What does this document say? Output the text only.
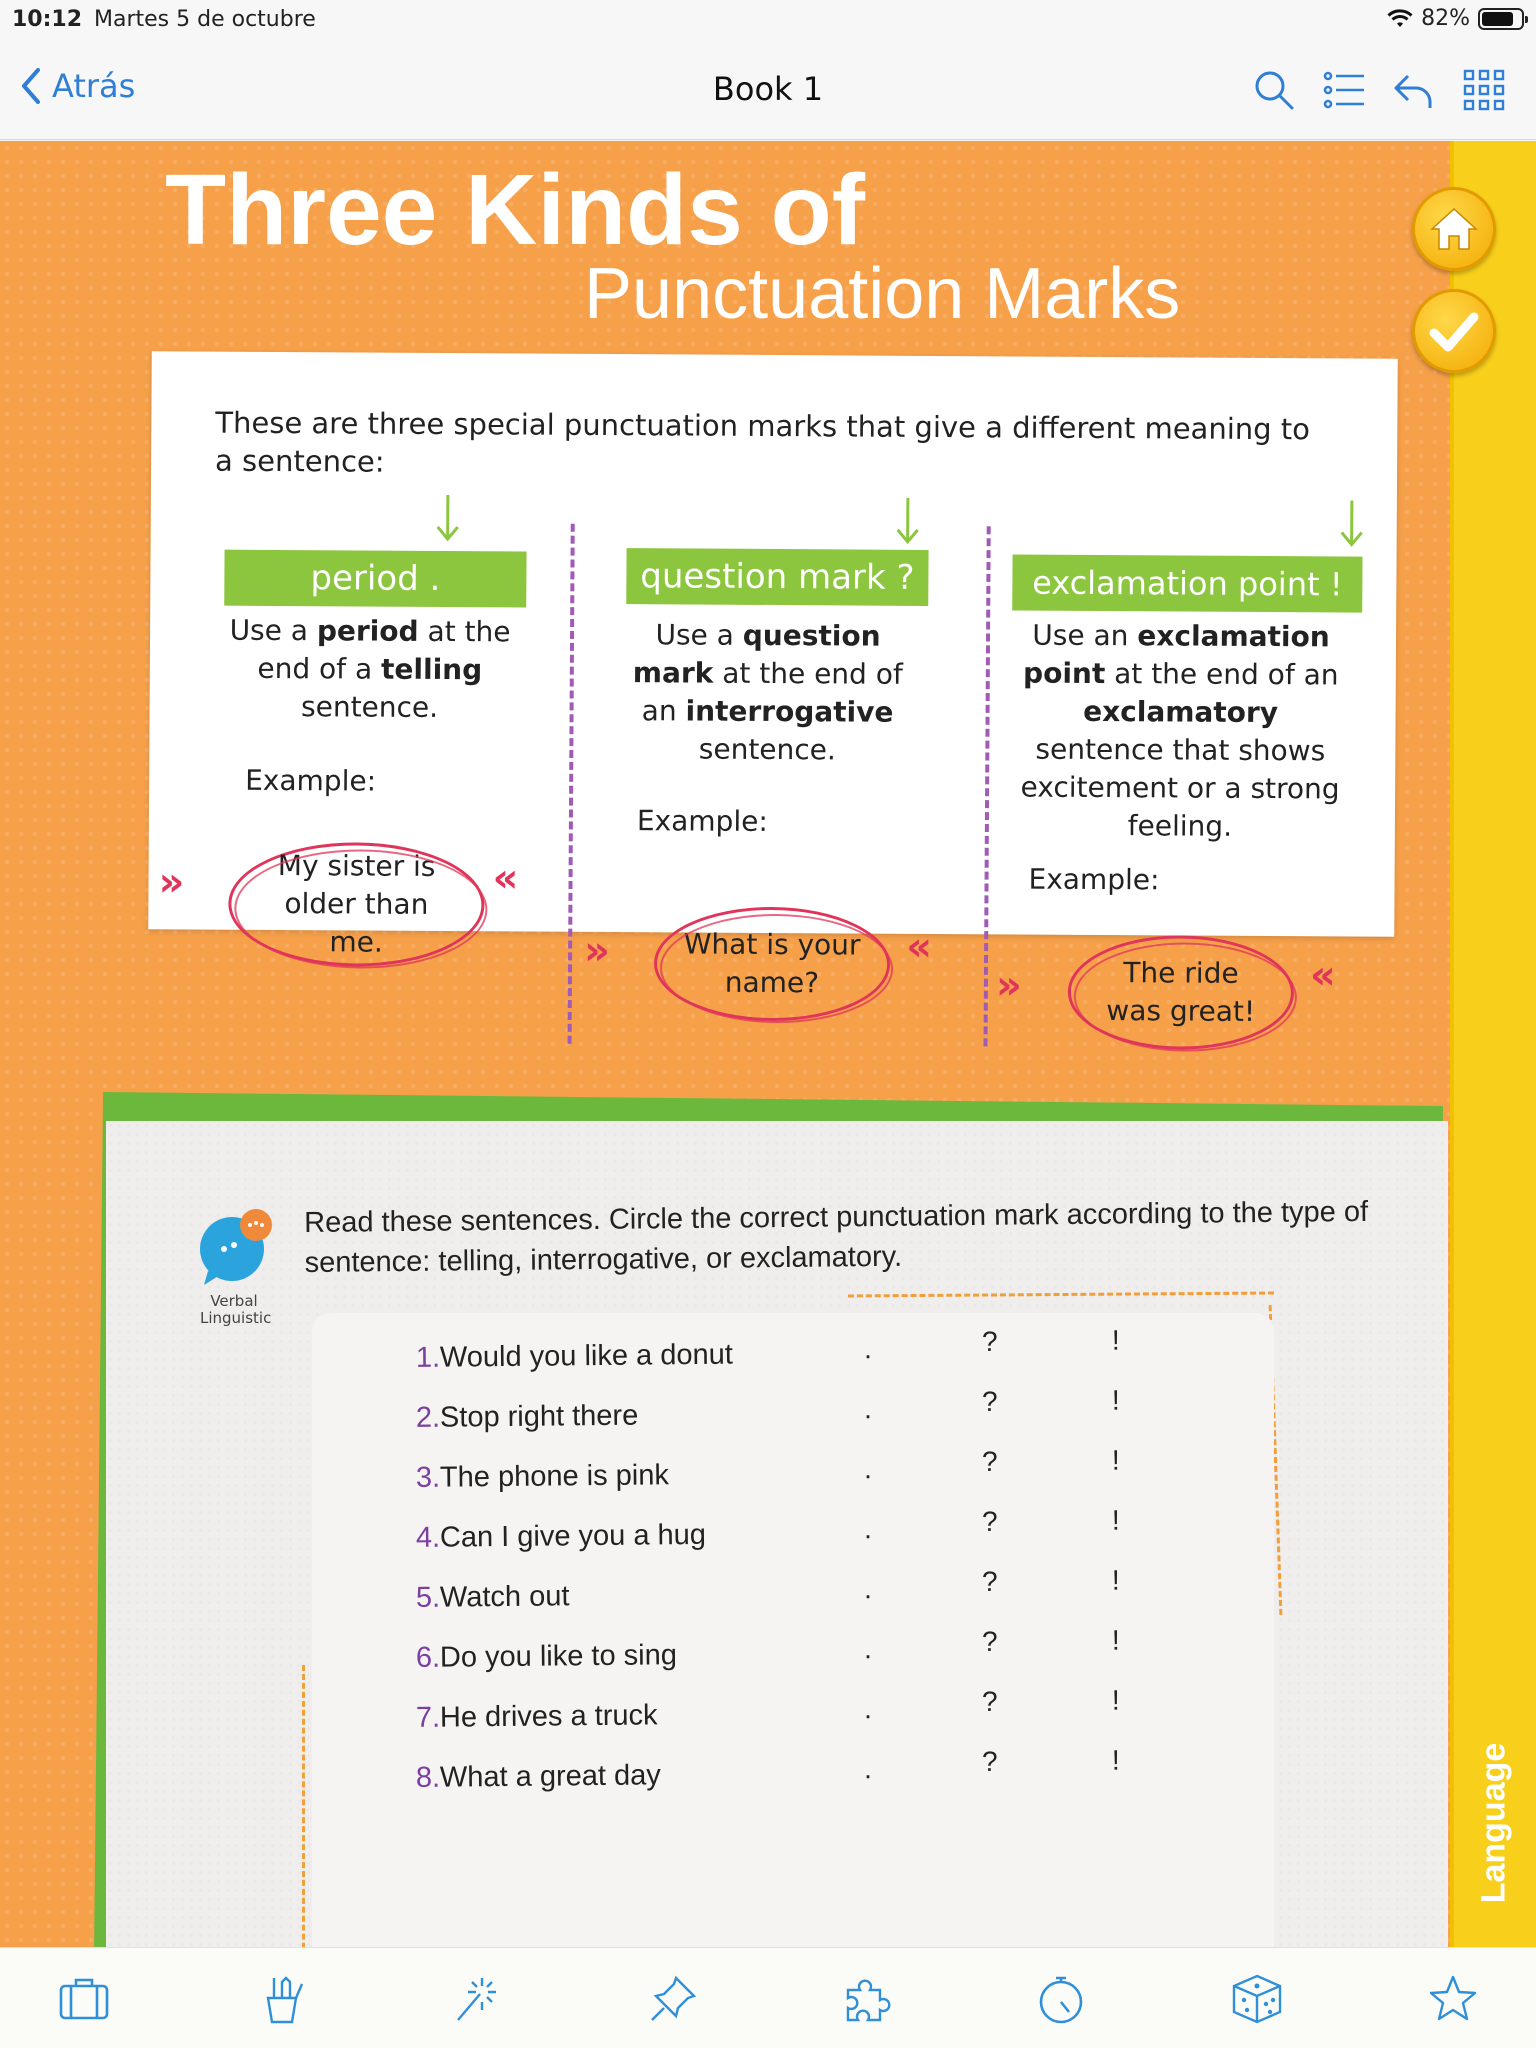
10:12 Martes 5 de octubre	82%
Atrás	Book 1
Three Kinds of
Punctuation Marks
Language
These are three special punctuation marks that give a different meaning to a sentence:
period .
Use a period at the end of a telling sentence.
Example:
»	My sister is older than me.
«
question mark ?
Use a question mark at the end of an interrogative sentence.
Example:
»	What is your name?
«
exclamation point !
Use an exclamation point at the end of an exclamatory sentence that shows excitement or a strong feeling.
Example:
»	The ride was great!
«
Verbal Linguistic
Read these sentences. Circle the correct punctuation mark according to the type of sentence: telling, interrogative, or exclamatory.
1. Would you like a donut	.	?	!
2. Stop right there	.	?	!
3. The phone is pink	.	?	!
4. Can I give you a hug	.	?	!
5. Watch out	.	?	!
6. Do you like to sing	.	?	!
7. He drives a truck	.	?	!
8. What a great day	.	?	!
